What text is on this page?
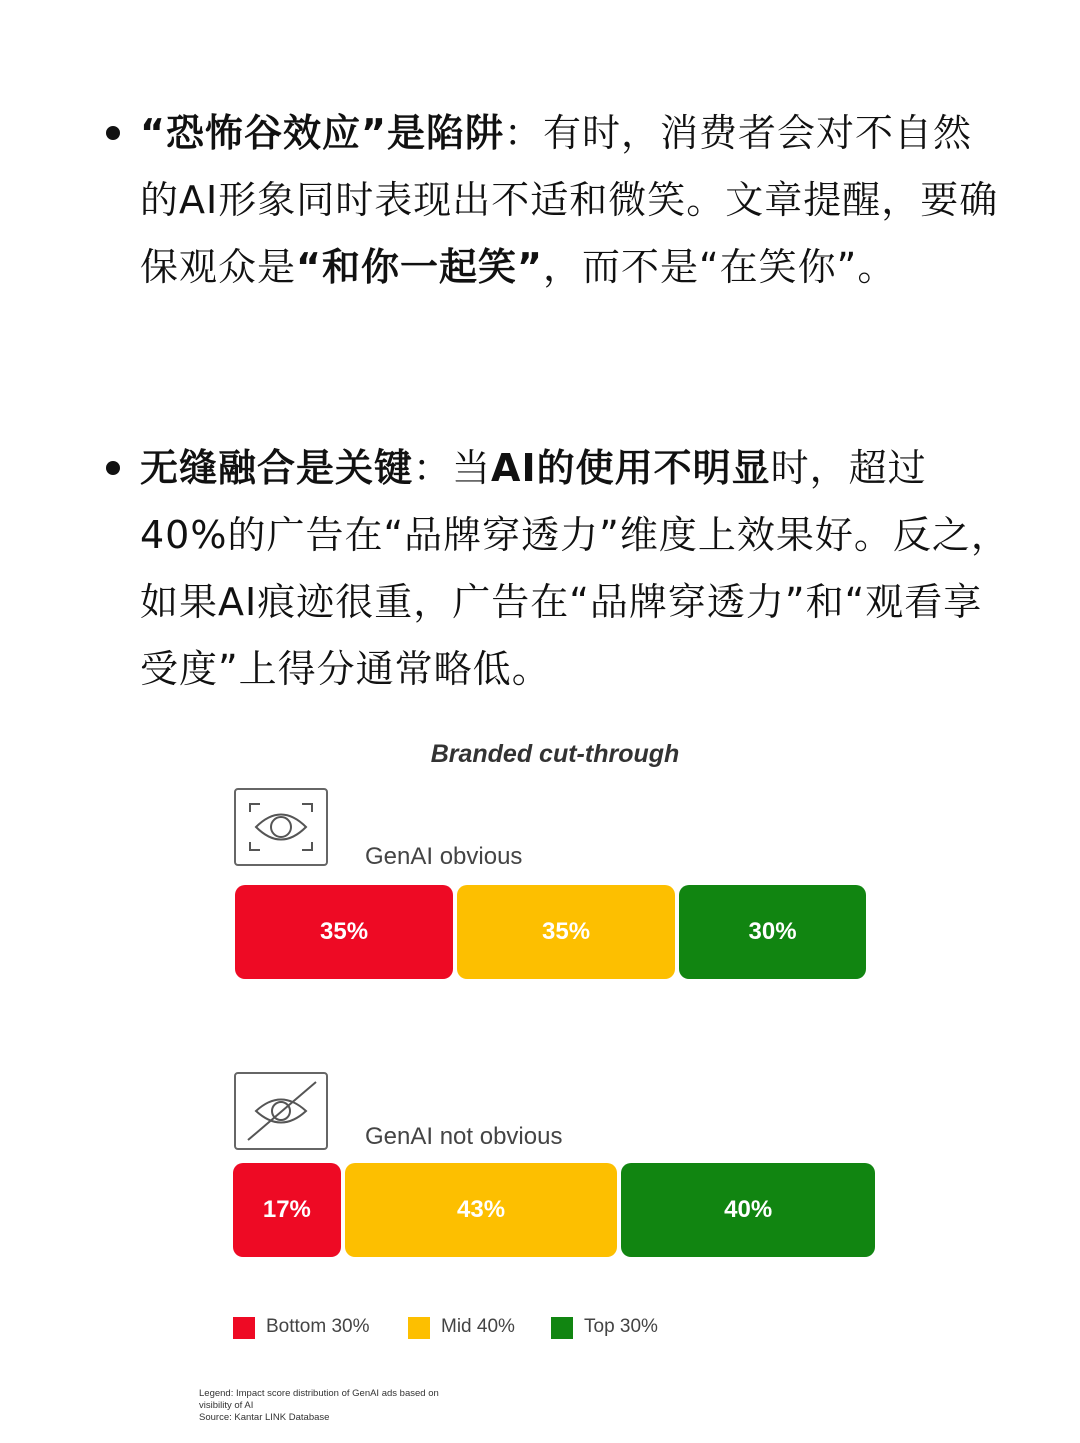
“恐怖谷效应”是陷阱：有时，消费者会对不自然的AI形象同时表现出不适和微笑。文章提醒，要确保观众是“和你一起笑”，而不是“在笑你”。
无缝融合是关键：当AI的使用不明显时，超过40%的广告在“品牌穿透力”维度上效果好。反之，如果AI痕迹很重，广告在“品牌穿透力”和“观看享受度”上得分通常略低。
Branded cut-through
GenAI obvious
35%	35%	30%
GenAI not obvious
17%	43%	40%
Bottom 30%	Mid 40%	Top 30%
Legend: Impact score distribution of GenAI ads based on
visibility of AI
Source: Kantar LINK Database
